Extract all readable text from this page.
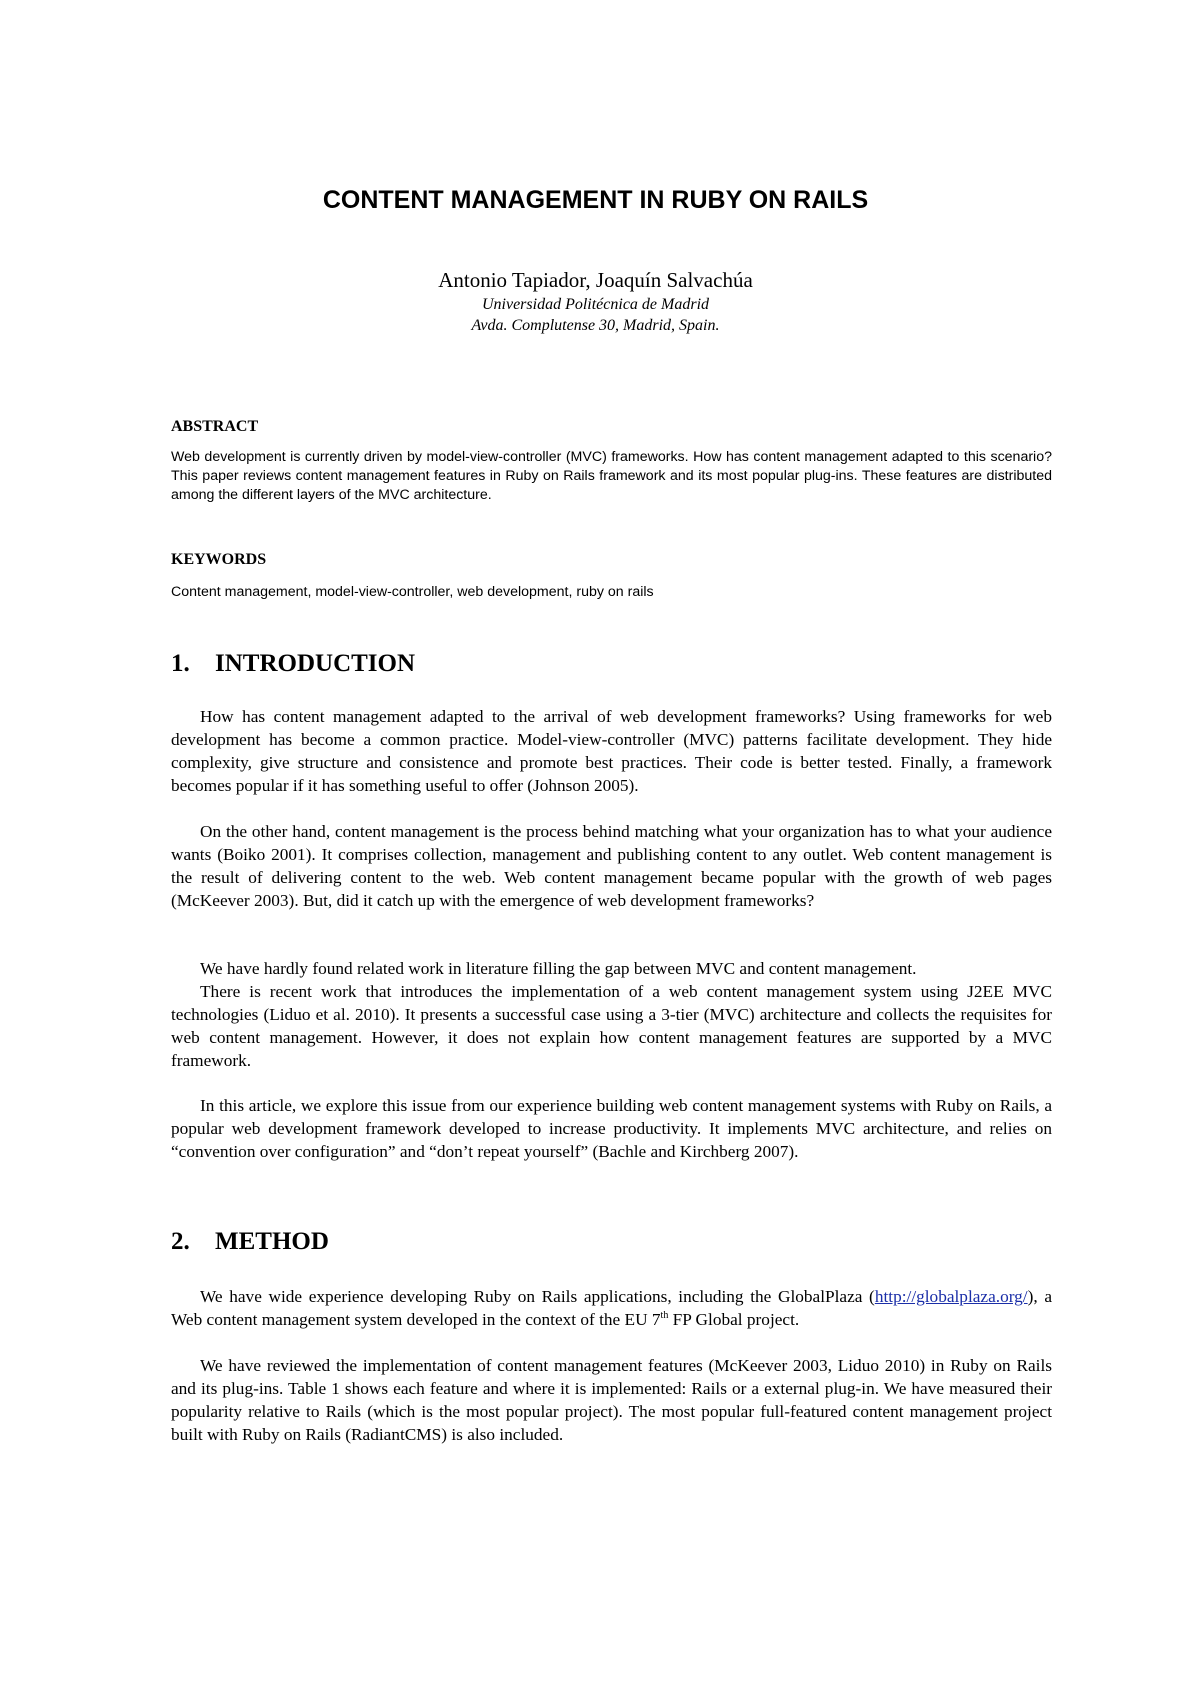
CONTENT MANAGEMENT IN RUBY ON RAILS
Antonio Tapiador, Joaquín Salvachúa
Universidad Politécnica de Madrid
Avda. Complutense 30, Madrid, Spain.
ABSTRACT
Web development is currently driven by model-view-controller (MVC) frameworks. How has content management adapted to this scenario? This paper reviews content management features in Ruby on Rails framework and its most popular plug-ins. These features are distributed among the different layers of the MVC architecture.
KEYWORDS
Content management, model-view-controller, web development, ruby on rails
1. INTRODUCTION

How has content management adapted to the arrival of web development frameworks? Using frameworks for web development has become a common practice. Model-view-controller (MVC) patterns facilitate development. They hide complexity, give structure and consistence and promote best practices. Their code is better tested. Finally, a framework becomes popular if it has something useful to offer (Johnson 2005).

On the other hand, content management is the process behind matching what your organization has to what your audience wants (Boiko 2001). It comprises collection, management and publishing content to any outlet. Web content management is the result of delivering content to the web. Web content management became popular with the growth of web pages (McKeever 2003). But, did it catch up with the emergence of web development frameworks?

We have hardly found related work in literature filling the gap between MVC and content management.

There is recent work that introduces the implementation of a web content management system using J2EE MVC technologies (Liduo et al. 2010). It presents a successful case using a 3-tier (MVC) architecture and collects the requisites for web content management. However, it does not explain how content management features are supported by a MVC framework.

In this article, we explore this issue from our experience building web content management systems with Ruby on Rails, a popular web development framework developed to increase productivity. It implements MVC architecture, and relies on “convention over configuration” and “don’t repeat yourself” (Bachle and Kirchberg 2007).

2. METHOD

We have wide experience developing Ruby on Rails applications, including the GlobalPlaza (http://globalplaza.org/), a Web content management system developed in the context of the EU 7th FP Global project.

We have reviewed the implementation of content management features (McKeever 2003, Liduo 2010) in Ruby on Rails and its plug-ins. Table 1 shows each feature and where it is implemented: Rails or a external plug-in. We have measured their popularity relative to Rails (which is the most popular project). The most popular full-featured content management project built with Ruby on Rails (RadiantCMS) is also included.
